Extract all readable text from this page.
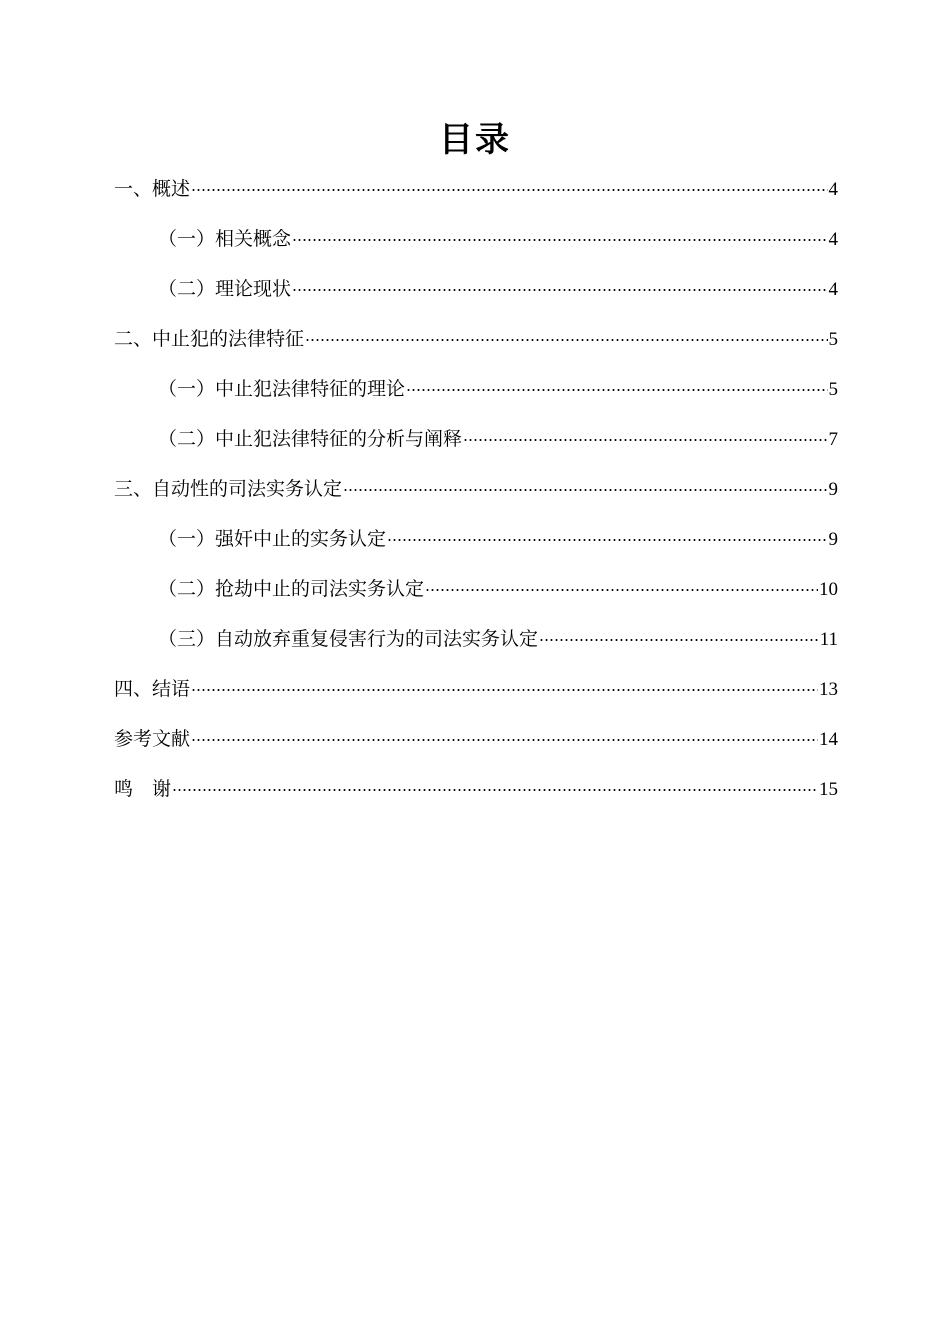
目录
一、概述	4
（一）相关概念	4
（二）理论现状	4
二、中止犯的法律特征	5
（一）中止犯法律特征的理论	5
（二）中止犯法律特征的分析与阐释	7
三、自动性的司法实务认定	9
（一）强奸中止的实务认定	9
（二）抢劫中止的司法实务认定	10
（三）自动放弃重复侵害行为的司法实务认定	11
四、结语	13
参考文献	14
鸣　谢	15
